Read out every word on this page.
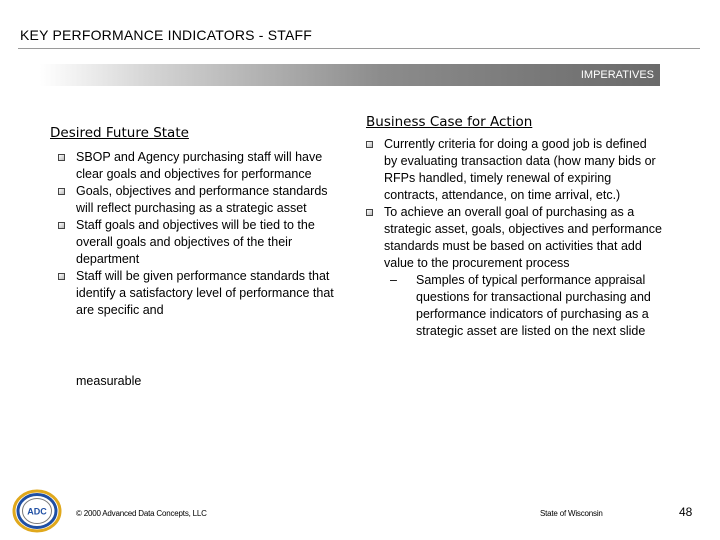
KEY PERFORMANCE INDICATORS - STAFF
IMPERATIVES
Desired Future State
SBOP and Agency purchasing staff will have clear goals and objectives for performance
Goals, objectives and performance standards will reflect purchasing as a strategic asset
Staff goals and objectives will be tied to the overall goals and objectives of the their department
Staff will be given performance standards that identify a satisfactory level of performance that are specific and
measurable
Business Case for Action
Currently criteria for doing a good job is defined by evaluating transaction data (how many bids or RFPs handled, timely renewal of expiring contracts, attendance, on time arrival, etc.)
To achieve an overall goal of purchasing as a strategic asset, goals, objectives and performance standards must be based on activities that add value to the procurement process
– Samples of typical performance appraisal questions for transactional purchasing and performance indicators of purchasing as a strategic asset are listed on the next slide
ADC	© 2000 Advanced Data Concepts, LLC	State of Wisconsin	48
